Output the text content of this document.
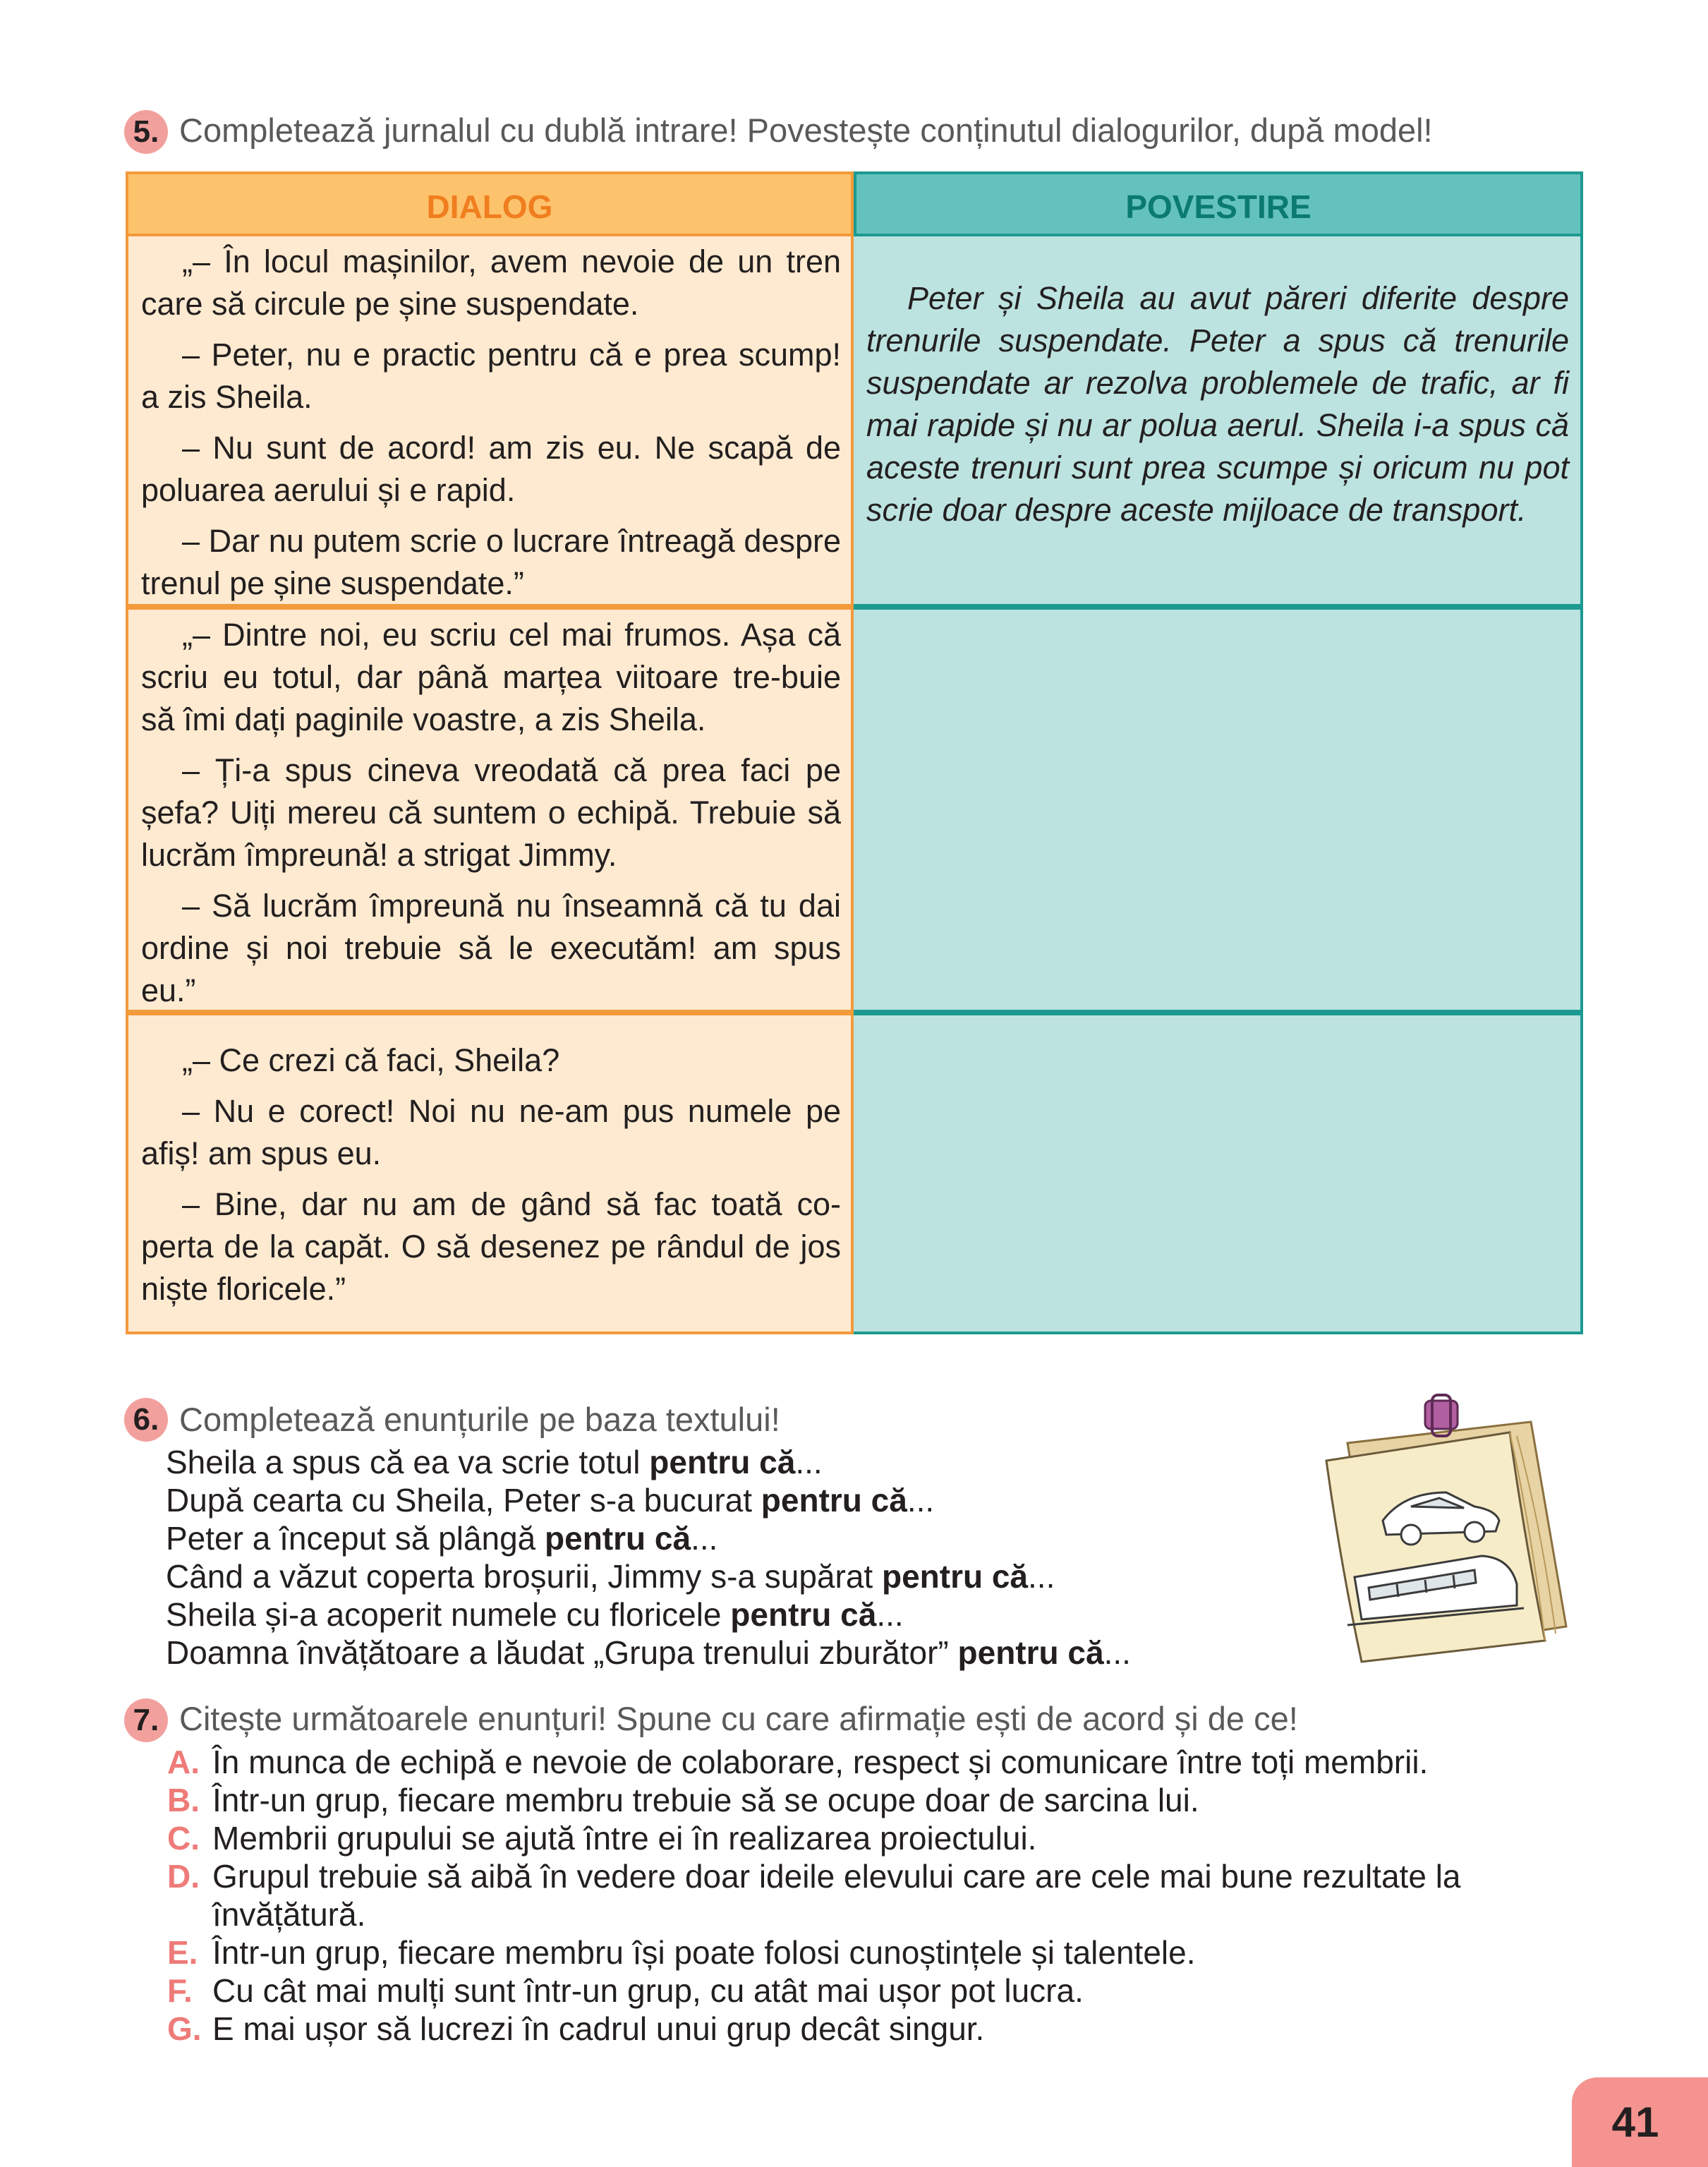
5. Completează jurnalul cu dublă intrare! Povestește conținutul dialogurilor, după model!
DIALOG	POVESTIRE

„– În locul mașinilor, avem nevoie de un tren care să circule pe șine suspendate.

– Peter, nu e practic pentru că e prea scump! a zis Sheila.

– Nu sunt de acord! am zis eu. Ne scapă de poluarea aerului și e rapid.

– Dar nu putem scrie o lucrare întreagă despre trenul pe șine suspendate.”

Peter și Sheila au avut păreri diferite despre trenurile suspendate. Peter a spus că trenurile suspendate ar rezolva problemele de trafic, ar fi mai rapide și nu ar polua aerul. Sheila i-a spus că aceste trenuri sunt prea scumpe și oricum nu pot scrie doar despre aceste mijloace de transport.

„– Dintre noi, eu scriu cel mai frumos. Așa că scriu eu totul, dar până marțea viitoare tre-buie să îmi dați paginile voastre, a zis Sheila.

– Ți-a spus cineva vreodată că prea faci pe șefa? Uiți mereu că suntem o echipă. Trebuie să lucrăm împreună! a strigat Jimmy.

– Să lucrăm împreună nu înseamnă că tu dai ordine și noi trebuie să le executăm! am spus eu.”

„– Ce crezi că faci, Sheila?

– Nu e corect! Noi nu ne-am pus numele pe afiș! am spus eu.

– Bine, dar nu am de gând să fac toată co-perta de la capăt. O să desenez pe rândul de jos niște floricele.”

6. Completează enunțurile pe baza textului!
Sheila a spus că ea va scrie totul pentru că...
După cearta cu Sheila, Peter s-a bucurat pentru că...
Peter a început să plângă pentru că...
Când a văzut coperta broșurii, Jimmy s-a supărat pentru că...
Sheila și-a acoperit numele cu floricele pentru că...
Doamna învățătoare a lăudat „Grupa trenului zburător” pentru că...
7. Citește următoarele enunțuri! Spune cu care afirmație ești de acord și de ce!
A. În munca de echipă e nevoie de colaborare, respect și comunicare între toți membrii.
B. Într-un grup, fiecare membru trebuie să se ocupe doar de sarcina lui.
C. Membrii grupului se ajută între ei în realizarea proiectului.
D. Grupul trebuie să aibă în vedere doar ideile elevului care are cele mai bune rezultate la învățătură.
E. Într-un grup, fiecare membru își poate folosi cunoștințele și talentele.
F. Cu cât mai mulți sunt într-un grup, cu atât mai ușor pot lucra.
G. E mai ușor să lucrezi în cadrul unui grup decât singur.
41
